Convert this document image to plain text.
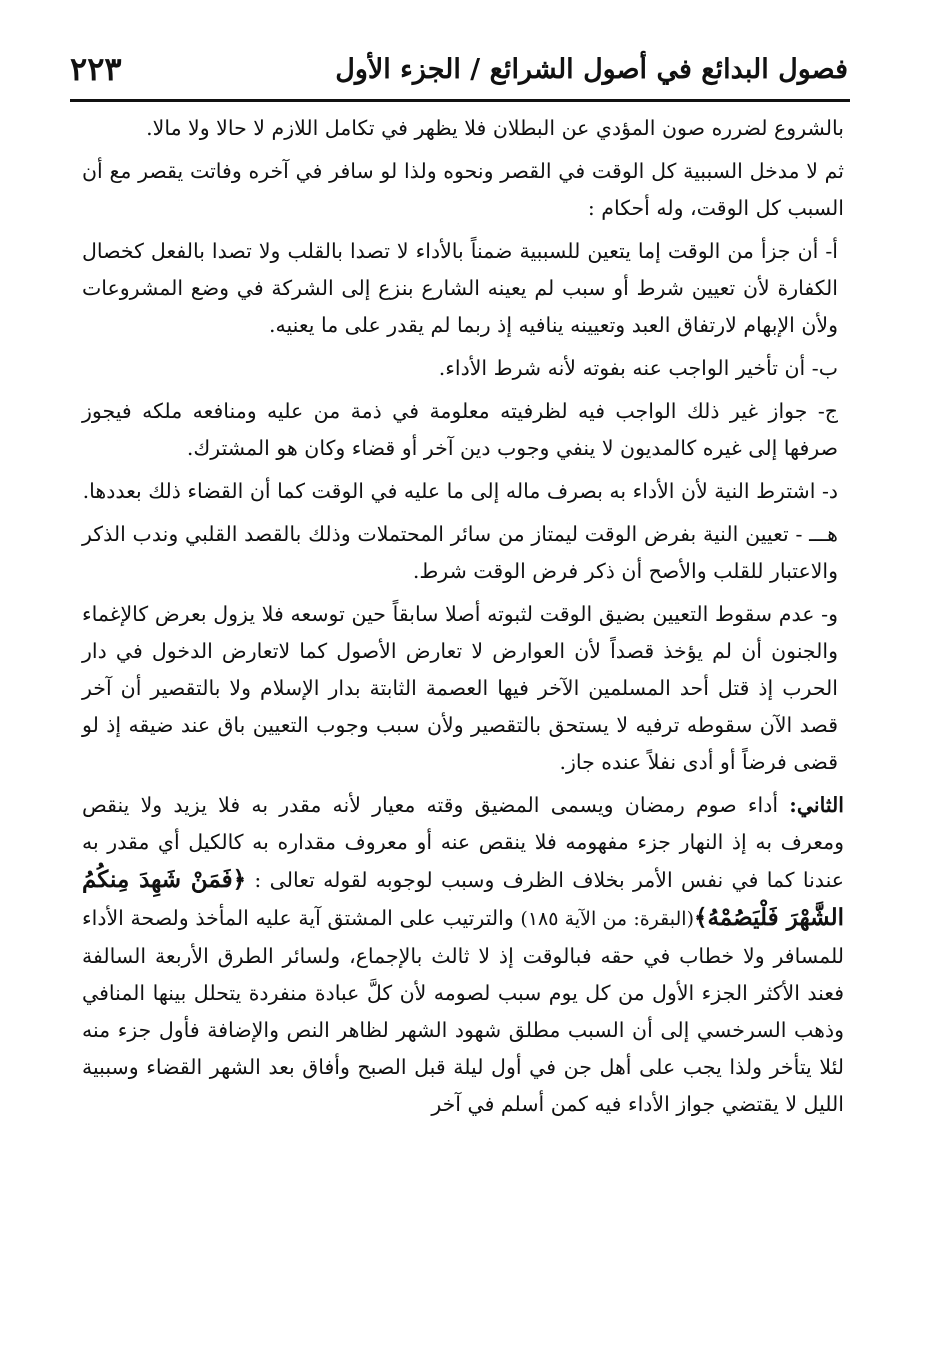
فصول البدائع في أصول الشرائع / الجزء الأول
٢٢٣

بالشروع لضرره صون المؤدي عن البطلان فلا يظهر في تكامل اللازم لا حالا ولا مالا.

ثم لا مدخل السببية كل الوقت في القصر ونحوه ولذا لو سافر في آخره وفاتت يقصر مع أن السبب كل الوقت، وله أحكام :

أ- أن جزأ من الوقت إما يتعين للسببية ضمناً بالأداء لا تصدا بالقلب ولا تصدا بالفعل كخصال الكفارة لأن تعيين شرط أو سبب لم يعينه الشارع بنزع إلى الشركة في وضع المشروعات ولأن الإبهام لارتفاق العبد وتعيينه ينافيه إذ ربما لم يقدر على ما يعنيه.

ب- أن تأخير الواجب عنه بفوته لأنه شرط الأداء.

ج- جواز غير ذلك الواجب فيه لظرفيته معلومة في ذمة من عليه ومنافعه ملكه فيجوز صرفها إلى غيره كالمديون لا ينفي وجوب دين آخر أو قضاء وكان هو المشترك.

د- اشترط النية لأن الأداء به بصرف ماله إلى ما عليه في الوقت كما أن القضاء ذلك بعددها.

هـــ - تعيين النية بفرض الوقت ليمتاز من سائر المحتملات وذلك بالقصد القلبي وندب الذكر والاعتبار للقلب والأصح أن ذكر فرض الوقت شرط.

و- عدم سقوط التعيين بضيق الوقت لثبوته أصلا سابقاً حين توسعه فلا يزول بعرض كالإغماء والجنون أن لم يؤخذ قصداً لأن العوارض لا تعارض الأصول كما لاتعارض الدخول في دار الحرب إذ قتل أحد المسلمين الآخر فيها العصمة الثابتة بدار الإسلام ولا بالتقصير أن آخر قصد الآن سقوطه ترفيه لا يستحق بالتقصير ولأن سبب وجوب التعيين باق عند ضيقه إذ لو قضى فرضاً أو أدى نفلاً عنده جاز.

الثاني: أداء صوم رمضان ويسمى المضيق وقته معيار لأنه مقدر به فلا يزيد ولا ينقص ومعرف به إذ النهار جزء مفهومه فلا ينقص عنه أو معروف مقداره به كالكيل أي مقدر به عندنا كما في نفس الأمر بخلاف الظرف وسبب لوجوبه لقوله تعالى : ﴿فَمَنْ شَهِدَ مِنكُمُ الشَّهْرَ فَلْيَصُمْهُ﴾(البقرة: من الآية ١٨٥) والترتيب على المشتق آية عليه المأخذ ولصحة الأداء للمسافر ولا خطاب في حقه فبالوقت إذ لا ثالث بالإجماع، ولسائر الطرق الأربعة السالفة فعند الأكثر الجزء الأول من كل يوم سبب لصومه لأن كلَّ عبادة منفردة يتحلل بينها المنافي وذهب السرخسي إلى أن السبب مطلق شهود الشهر لظاهر النص والإضافة فأول جزء منه لئلا يتأخر ولذا يجب على أهل جن في أول ليلة قبل الصبح وأفاق بعد الشهر القضاء وسببية الليل لا يقتضي جواز الأداء فيه كمن أسلم في آخر
